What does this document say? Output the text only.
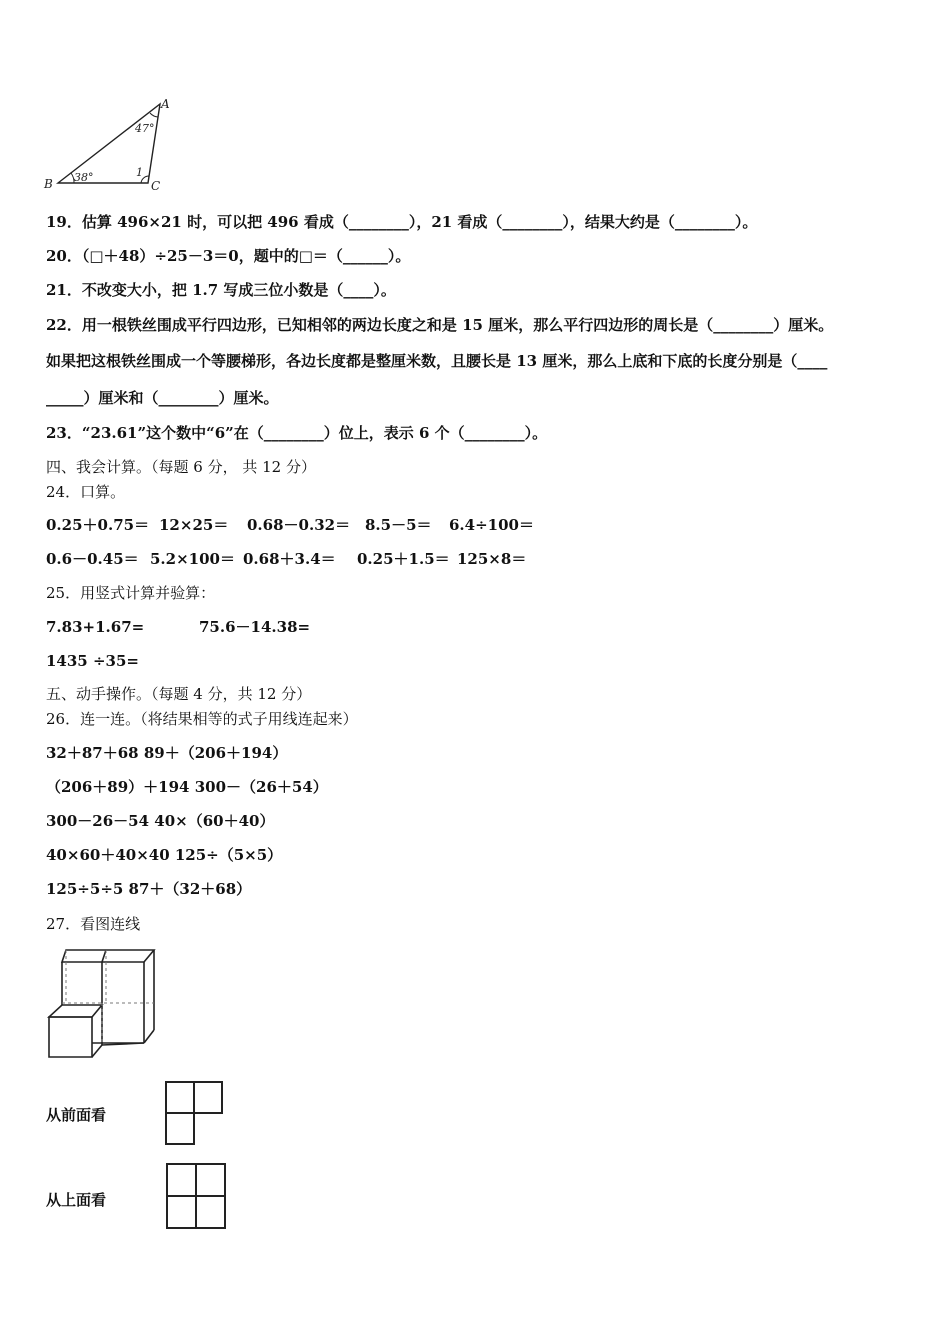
A
B	C
47°
38°	1
19．估算 496×21 时，可以把 496 看成（________），21 看成（________），结果大约是（________）。
20．（□＋48）÷25－3＝0，题中的□＝（______）。
21．不改变大小，把 1.7 写成三位小数是（____）。
22．用一根铁丝围成平行四边形，已知相邻的两边长度之和是 15 厘米，那么平行四边形的周长是（________）厘米。
如果把这根铁丝围成一个等腰梯形，各边长度都是整厘米数，且腰长是 13 厘米，那么上底和下底的长度分别是（____
_____）厘米和（________）厘米。
23．“23.61”这个数中“6”在（________）位上，表示 6 个（________）。
四、我会计算。（每题 6 分， 共 12 分）
24．口算。
0.25＋0.75＝ 12×25＝ 0.68－0.32＝ 8.5－5＝ 6.4÷100＝
0.6－0.45＝ 5.2×100＝ 0.68＋3.4＝ 0.25＋1.5＝ 125×8＝
25．用竖式计算并验算：
7.83+1.67=	75.6－14.38=
1435 ÷35=
五、动手操作。（每题 4 分，共 12 分）
26．连一连。（将结果相等的式子用线连起来）
32＋87＋68 89＋（206＋194）
（206＋89）＋194 300－（26＋54）
300－26－54 40×（60＋40）
40×60＋40×40 125÷（5×5）
125÷5÷5 87＋（32＋68）
27．看图连线
从前面看
从上面看
